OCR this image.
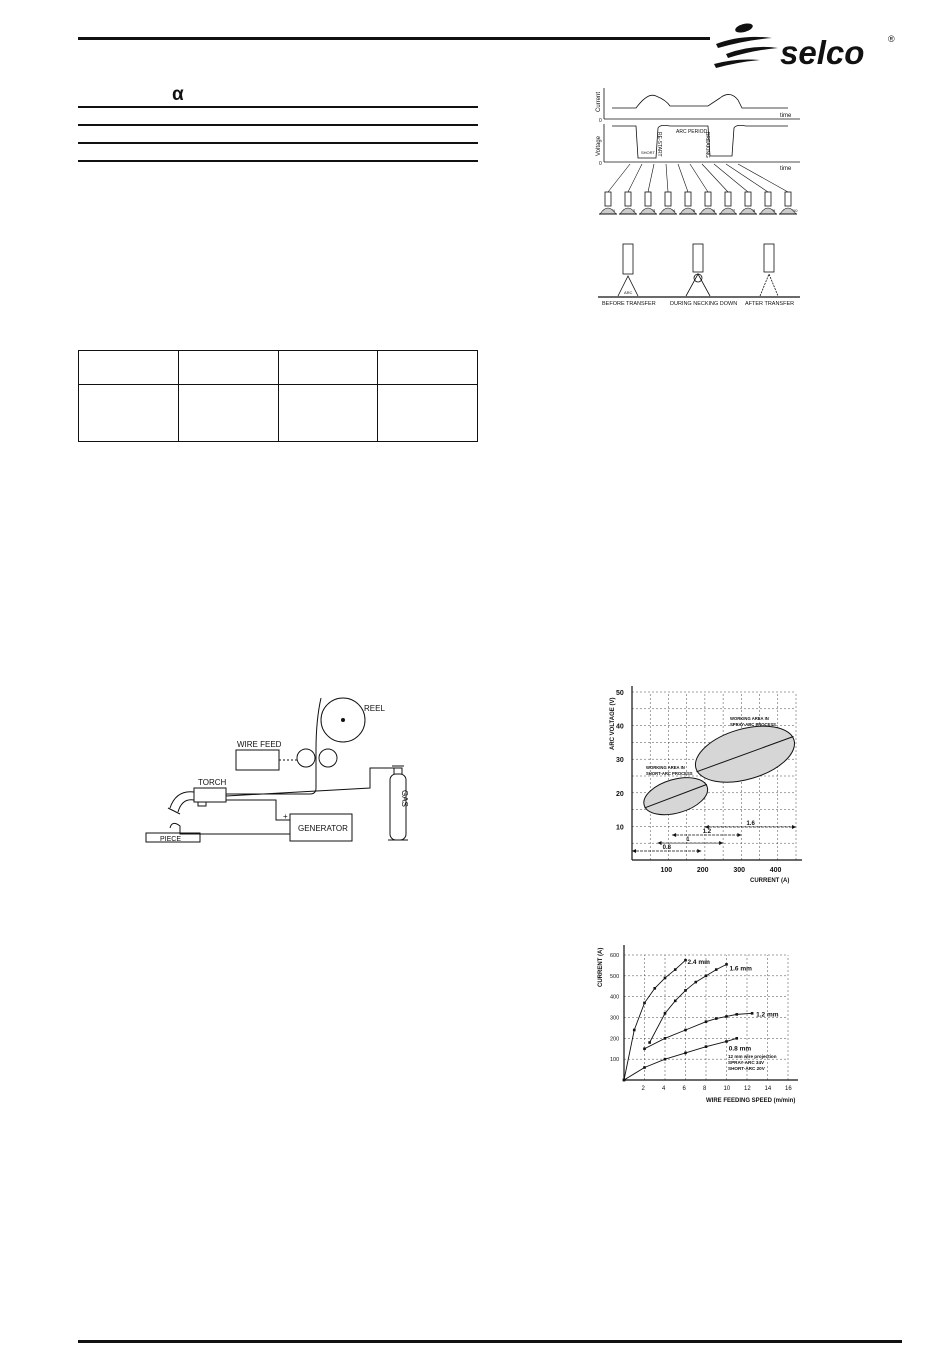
selco	®
α

REEL
WIRE FEED
TORCH
GENERATOR
+
–
PIECE
GAS
Current
0
time
Voltage
0
time
SHORT RE-START	ARC PERIOD
BREAKING
1	2	3	4	5	6	7	8	9	10
ARC
BEFORE TRANSFER	DURING NECKING DOWN AFTER TRANSFER
0.8
1
1.2
1.6
100	200	300	400
10
20
30
40
50
ARC VOLTAGE (V)
CURRENT (A)
WORKING AREA IN
SPRAY-ARC PROCESS
WORKING AREA IN
SHORT-ARC PROCESS
2.4 mm
1.6 mm
1.2 mm
0.8 mm
2	4	6	8	10 12 14 16
100
200
300
400
500
600
CURRENT (A)
WIRE FEEDING SPEED (m/min)
12 mm wire projection
SPRAY-ARC 34V
SHORT-ARC 20V
